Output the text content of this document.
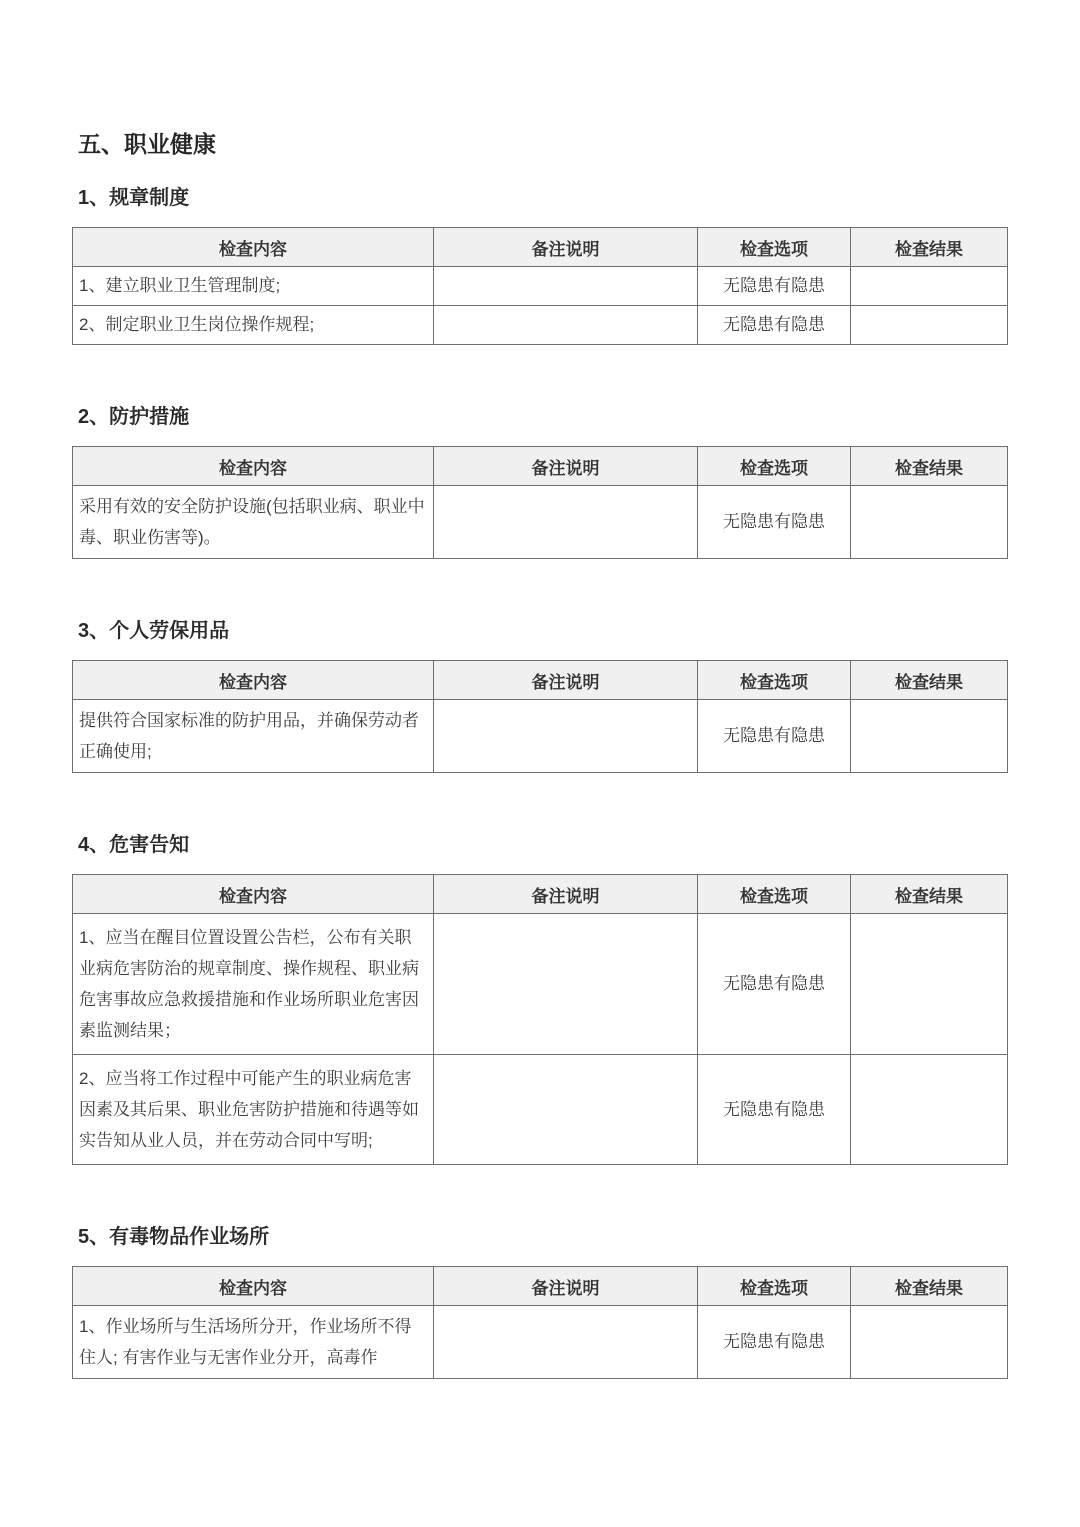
五、职业健康
1、规章制度
检查内容	备注说明	检查选项	检查结果
1、建立职业卫生管理制度;		无隐患有隐患	
2、制定职业卫生岗位操作规程;		无隐患有隐患	
2、防护措施
检查内容	备注说明	检查选项	检查结果
采用有效的安全防护设施(包括职业病、职业中毒、职业伤害等)。		无隐患有隐患	
3、个人劳保用品
检查内容	备注说明	检查选项	检查结果
提供符合国家标准的防护用品，并确保劳动者正确使用;		无隐患有隐患	
4、危害告知
检查内容	备注说明	检查选项	检查结果
1、应当在醒目位置设置公告栏，公布有关职业病危害防治的规章制度、操作规程、职业病危害事故应急救援措施和作业场所职业危害因素监测结果；		无隐患有隐患	
2、应当将工作过程中可能产生的职业病危害因素及其后果、职业危害防护措施和待遇等如实告知从业人员，并在劳动合同中写明;		无隐患有隐患	
5、有毒物品作业场所
检查内容	备注说明	检查选项	检查结果
1、作业场所与生活场所分开，作业场所不得住人; 有害作业与无害作业分开，高毒作		无隐患有隐患	
